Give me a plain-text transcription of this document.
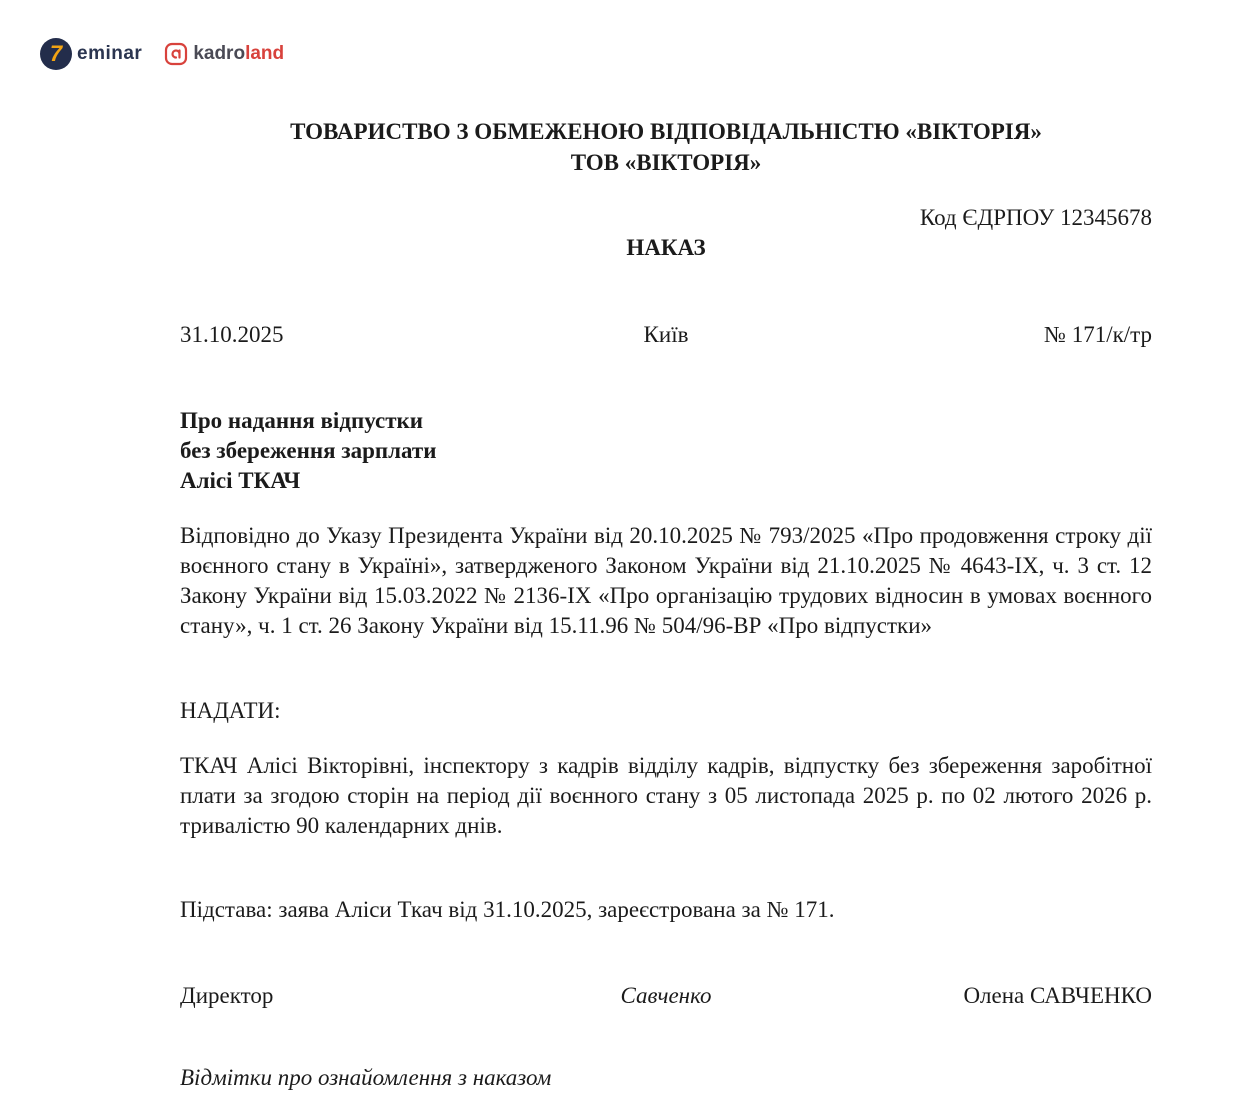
7 eminar	kadroland
ТОВАРИСТВО З ОБМЕЖЕНОЮ ВІДПОВІДАЛЬНІСТЮ «ВІКТОРІЯ»
ТОВ «ВІКТОРІЯ»
Код ЄДРПОУ 12345678
НАКАЗ
31.10.2025	Київ	№ 171/к/тр
Про надання відпустки
без збереження зарплати
Алісі ТКАЧ
Відповідно до Указу Президента України від 20.10.2025 № 793/2025 «Про продовження строку дії воєнного стану в Україні», затвердженого Законом України від 21.10.2025 № 4643-IX, ч. 3 ст. 12 Закону України від 15.03.2022 № 2136-IX «Про організацію трудових відносин в умовах воєнного стану», ч. 1 ст. 26 Закону України від 15.11.96 № 504/96-ВР «Про відпустки»
НАДАТИ:
ТКАЧ Алісі Вікторівні, інспектору з кадрів відділу кадрів, відпустку без збереження заробітної плати за згодою сторін на період дії воєнного стану з 05 листопада 2025 р. по 02 лютого 2026 р. тривалістю 90 календарних днів.
Підстава: заява Аліси Ткач від 31.10.2025, зареєстрована за № 171.
Директор	Савченко	Олена САВЧЕНКО
Відмітки про ознайомлення з наказом
